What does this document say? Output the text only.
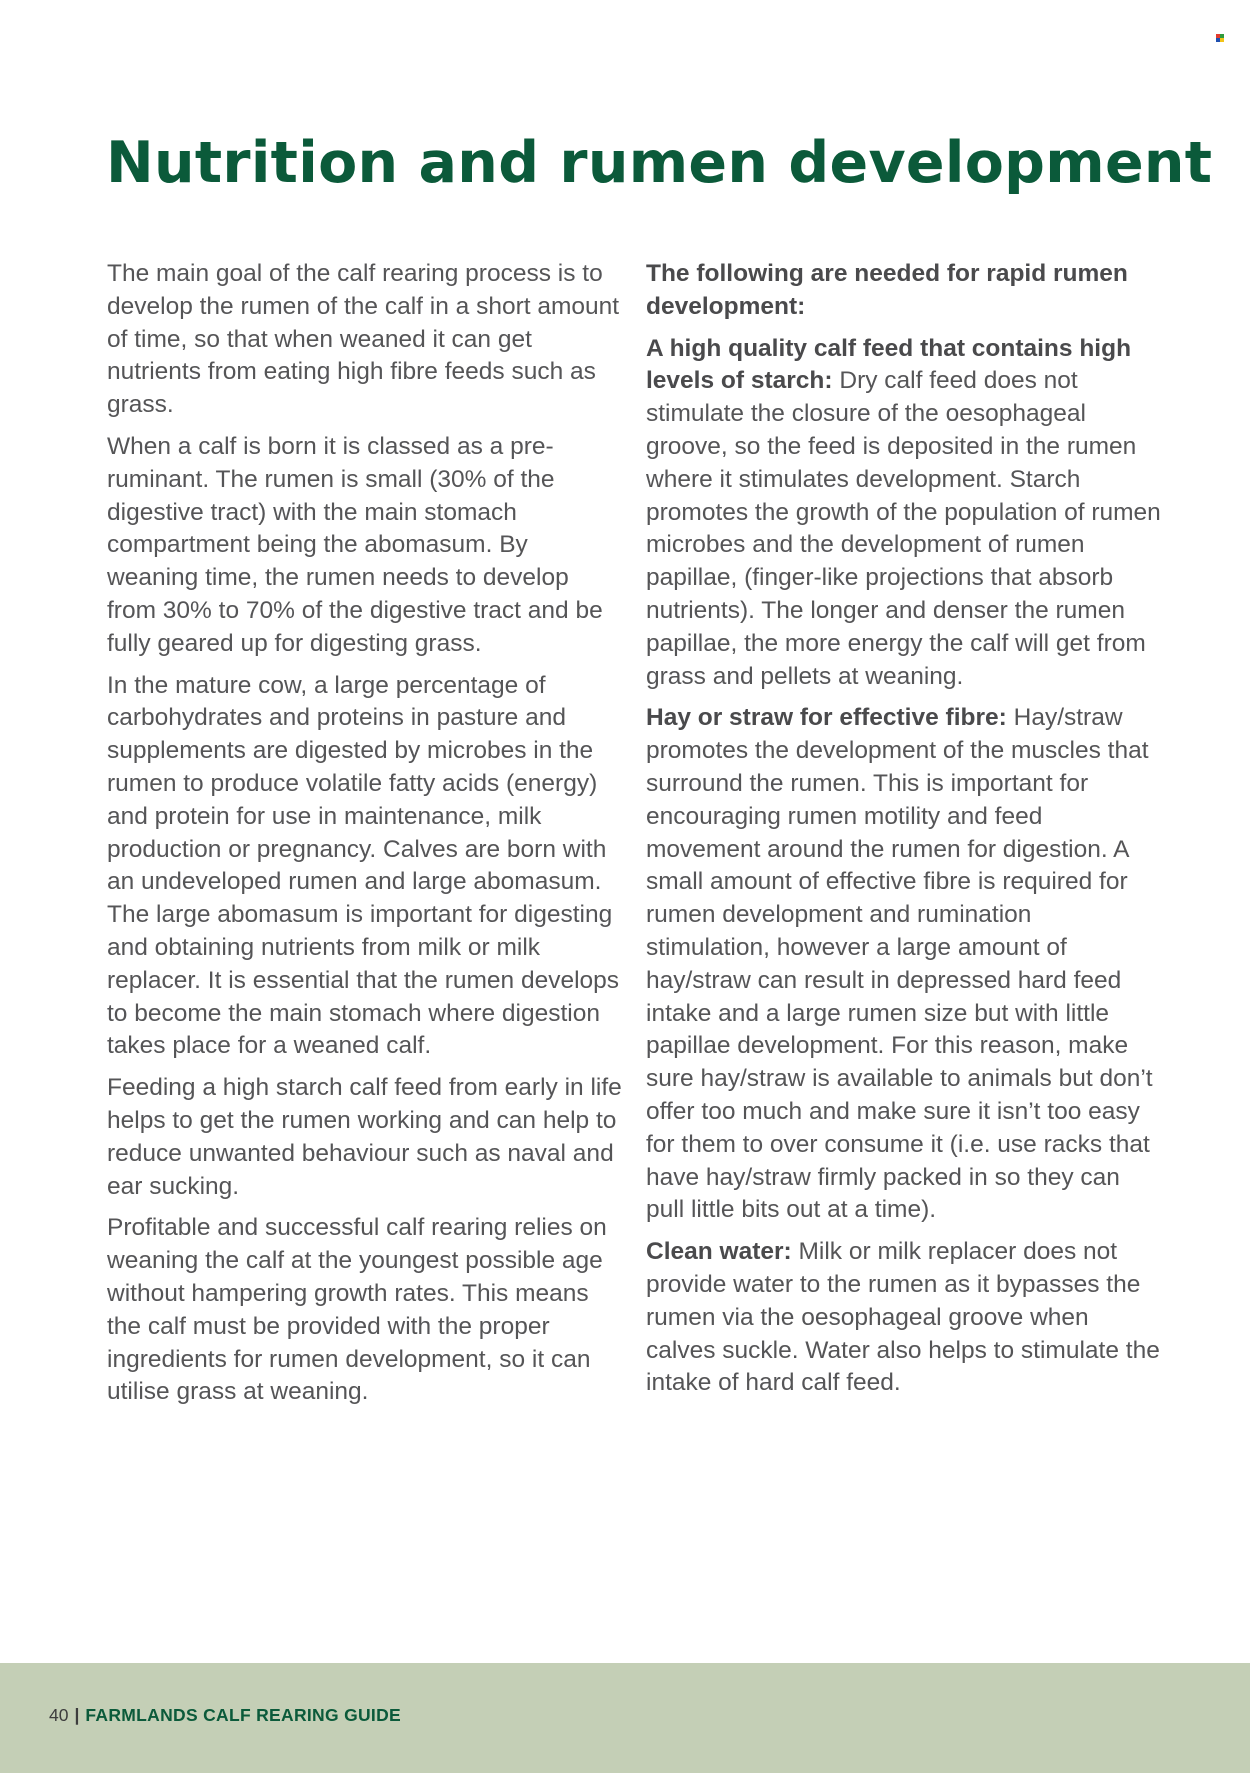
Nutrition and rumen development

The main goal of the calf rearing process is to develop the rumen of the calf in a short amount of time, so that when weaned it can get nutrients from eating high fibre feeds such as grass.

When a calf is born it is classed as a pre-ruminant. The rumen is small (30% of the digestive tract) with the main stomach compartment being the abomasum. By weaning time, the rumen needs to develop from 30% to 70% of the digestive tract and be fully geared up for digesting grass.

In the mature cow, a large percentage of carbohydrates and proteins in pasture and supplements are digested by microbes in the rumen to produce volatile fatty acids (energy) and protein for use in maintenance, milk production or pregnancy. Calves are born with an undeveloped rumen and large abomasum. The large abomasum is important for digesting and obtaining nutrients from milk or milk replacer. It is essential that the rumen develops to become the main stomach where digestion takes place for a weaned calf.

Feeding a high starch calf feed from early in life helps to get the rumen working and can help to reduce unwanted behaviour such as naval and ear sucking.

Profitable and successful calf rearing relies on weaning the calf at the youngest possible age without hampering growth rates. This means the calf must be provided with the proper ingredients for rumen development, so it can utilise grass at weaning.

The following are needed for rapid rumen development:

A high quality calf feed that contains high levels of starch: Dry calf feed does not stimulate the closure of the oesophageal groove, so the feed is deposited in the rumen where it stimulates development. Starch promotes the growth of the population of rumen microbes and the development of rumen papillae, (finger-like projections that absorb nutrients). The longer and denser the rumen papillae, the more energy the calf will get from grass and pellets at weaning.

Hay or straw for effective fibre: Hay/straw promotes the development of the muscles that surround the rumen. This is important for encouraging rumen motility and feed movement around the rumen for digestion. A small amount of effective fibre is required for rumen development and rumination stimulation, however a large amount of hay/straw can result in depressed hard feed intake and a large rumen size but with little papillae development. For this reason, make sure hay/straw is available to animals but don’t offer too much and make sure it isn’t too easy for them to over consume it (i.e. use racks that have hay/straw firmly packed in so they can pull little bits out at a time).

Clean water: Milk or milk replacer does not provide water to the rumen as it bypasses the rumen via the oesophageal groove when calves suckle. Water also helps to stimulate the intake of hard calf feed.

40 | FARMLANDS CALF REARING GUIDE
